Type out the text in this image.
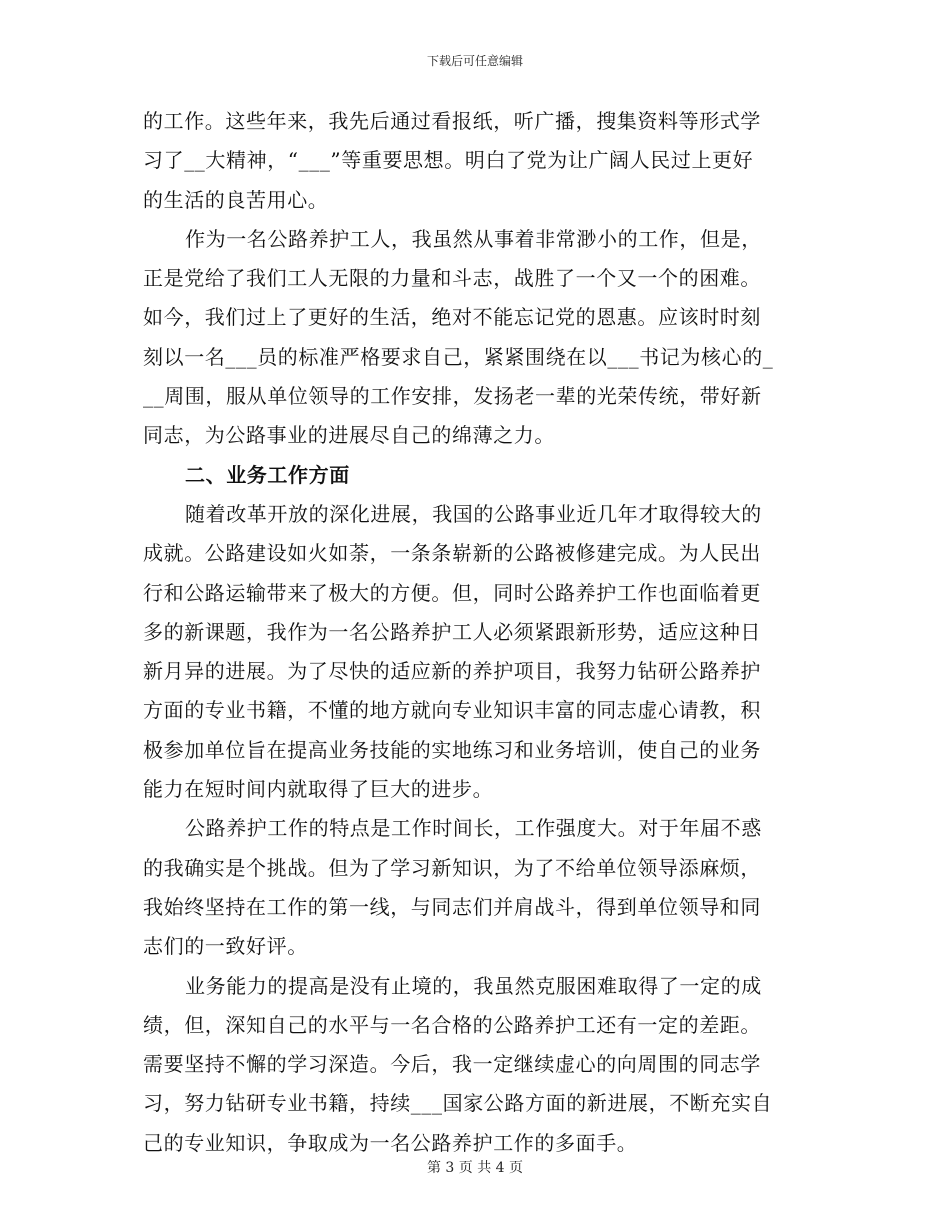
下载后可任意编辑
的工作。这些年来，我先后通过看报纸，听广播，搜集资料等形式学
习了__大精神，“___”等重要思想。明白了党为让广阔人民过上更好
的生活的良苦用心。
作为一名公路养护工人，我虽然从事着非常渺小的工作，但是，
正是党给了我们工人无限的力量和斗志，战胜了一个又一个的困难。
如今，我们过上了更好的生活，绝对不能忘记党的恩惠。应该时时刻
刻以一名___员的标准严格要求自己，紧紧围绕在以___书记为核心的_
__周围，服从单位领导的工作安排，发扬老一辈的光荣传统，带好新
同志，为公路事业的进展尽自己的绵薄之力。
二、业务工作方面
随着改革开放的深化进展，我国的公路事业近几年才取得较大的
成就。公路建设如火如荼，一条条崭新的公路被修建完成。为人民出
行和公路运输带来了极大的方便。但，同时公路养护工作也面临着更
多的新课题，我作为一名公路养护工人必须紧跟新形势，适应这种日
新月异的进展。为了尽快的适应新的养护项目，我努力钻研公路养护
方面的专业书籍，不懂的地方就向专业知识丰富的同志虚心请教，积
极参加单位旨在提高业务技能的实地练习和业务培训，使自己的业务
能力在短时间内就取得了巨大的进步。
公路养护工作的特点是工作时间长，工作强度大。对于年届不惑
的我确实是个挑战。但为了学习新知识，为了不给单位领导添麻烦，
我始终坚持在工作的第一线，与同志们并肩战斗，得到单位领导和同
志们的一致好评。
业务能力的提高是没有止境的，我虽然克服困难取得了一定的成
绩，但，深知自己的水平与一名合格的公路养护工还有一定的差距。
需要坚持不懈的学习深造。今后，我一定继续虚心的向周围的同志学
习，努力钻研专业书籍，持续___国家公路方面的新进展，不断充实自
己的专业知识，争取成为一名公路养护工作的多面手。
第 3 页 共 4 页
